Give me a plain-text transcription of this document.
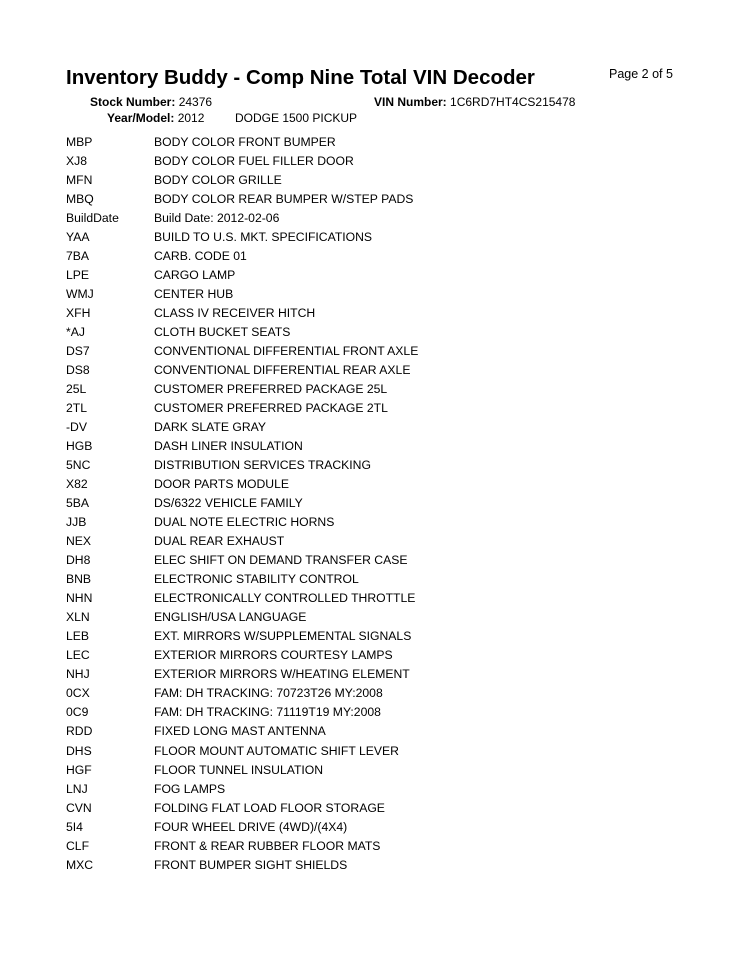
Inventory Buddy - Comp Nine Total VIN Decoder	Page 2 of 5
Stock Number: 24376	VIN Number: 1C6RD7HT4CS215478
Year/Model: 2012	DODGE 1500 PICKUP
MBP	BODY COLOR FRONT BUMPER
XJ8	BODY COLOR FUEL FILLER DOOR
MFN	BODY COLOR GRILLE
MBQ	BODY COLOR REAR BUMPER W/STEP PADS
BuildDate	Build Date: 2012-02-06
YAA	BUILD TO U.S. MKT. SPECIFICATIONS
7BA	CARB. CODE 01
LPE	CARGO LAMP
WMJ	CENTER HUB
XFH	CLASS IV RECEIVER HITCH
*AJ	CLOTH BUCKET SEATS
DS7	CONVENTIONAL DIFFERENTIAL FRONT AXLE
DS8	CONVENTIONAL DIFFERENTIAL REAR AXLE
25L	CUSTOMER PREFERRED PACKAGE 25L
2TL	CUSTOMER PREFERRED PACKAGE 2TL
-DV	DARK SLATE GRAY
HGB	DASH LINER INSULATION
5NC	DISTRIBUTION SERVICES TRACKING
X82	DOOR PARTS MODULE
5BA	DS/6322 VEHICLE FAMILY
JJB	DUAL NOTE ELECTRIC HORNS
NEX	DUAL REAR EXHAUST
DH8	ELEC SHIFT ON DEMAND TRANSFER CASE
BNB	ELECTRONIC STABILITY CONTROL
NHN	ELECTRONICALLY CONTROLLED THROTTLE
XLN	ENGLISH/USA LANGUAGE
LEB	EXT. MIRRORS W/SUPPLEMENTAL SIGNALS
LEC	EXTERIOR MIRRORS COURTESY LAMPS
NHJ	EXTERIOR MIRRORS W/HEATING ELEMENT
0CX	FAM: DH TRACKING: 70723T26 MY:2008
0C9	FAM: DH TRACKING: 71119T19 MY:2008
RDD	FIXED LONG MAST ANTENNA
DHS	FLOOR MOUNT AUTOMATIC SHIFT LEVER
HGF	FLOOR TUNNEL INSULATION
LNJ	FOG LAMPS
CVN	FOLDING FLAT LOAD FLOOR STORAGE
5I4	FOUR WHEEL DRIVE (4WD)/(4X4)
CLF	FRONT & REAR RUBBER FLOOR MATS
MXC	FRONT BUMPER SIGHT SHIELDS
